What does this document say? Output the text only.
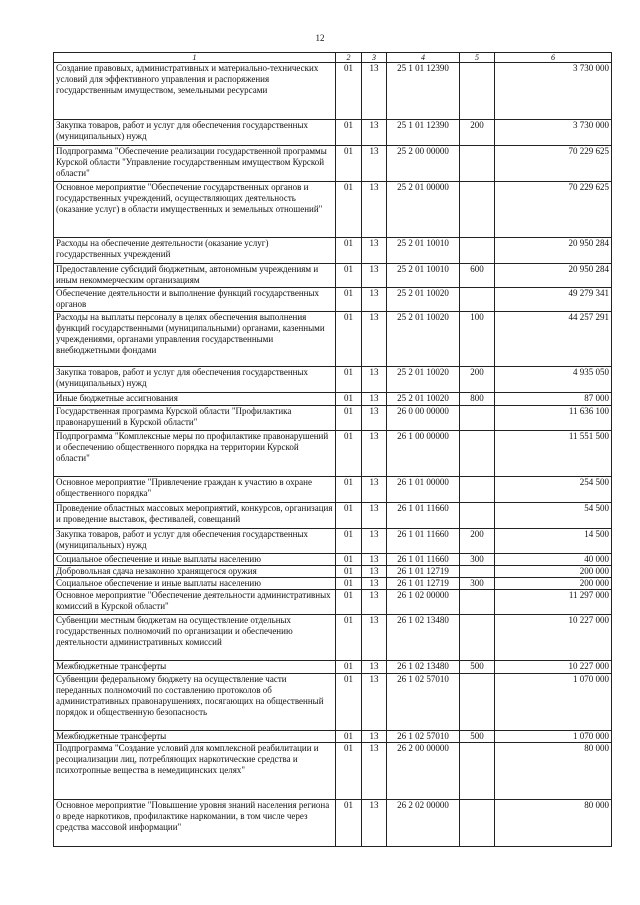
12
1	2	3	4	5	6
Создание правовых, административных и материально-технических условий для эффективного управления и распоряжения государственным имуществом, земельными ресурсами	01	13	25 1 01 12390		3 730 000
Закупка товаров, работ и услуг для обеспечения государственных (муниципальных) нужд	01	13	25 1 01 12390	200	3 730 000
Подпрограмма "Обеспечение реализации государственной программы Курской области "Управление государственным имуществом Курской области"	01	13	25 2 00 00000		70 229 625
Основное мероприятие "Обеспечение государственных органов и государственных учреждений, осуществляющих деятельность (оказание услуг) в области имущественных и земельных отношений"	01	13	25 2 01 00000		70 229 625
Расходы на обеспечение деятельности (оказание услуг) государственных учреждений	01	13	25 2 01 10010		20 950 284
Предоставление субсидий бюджетным, автономным учреждениям и иным некоммерческим организациям	01	13	25 2 01 10010	600	20 950 284
Обеспечение деятельности и выполнение функций государственных органов	01	13	25 2 01 10020		49 279 341
Расходы на выплаты персоналу в целях обеспечения выполнения функций государственными (муниципальными) органами, казенными учреждениями, органами управления государственными внебюджетными фондами	01	13	25 2 01 10020	100	44 257 291
Закупка товаров, работ и услуг для обеспечения государственных (муниципальных) нужд	01	13	25 2 01 10020	200	4 935 050
Иные бюджетные ассигнования	01	13	25 2 01 10020	800	87 000
Государственная программа Курской области "Профилактика правонарушений в Курской области"	01	13	26 0 00 00000		11 636 100
Подпрограмма "Комплексные меры по профилактике правонарушений и обеспечению общественного порядка на территории Курской области"	01	13	26 1 00 00000		11 551 500
Основное мероприятие "Привлечение граждан к участию в охране общественного порядка"	01	13	26 1 01 00000		254 500
Проведение областных массовых мероприятий, конкурсов, организация и проведение выставок, фестивалей, совещаний	01	13	26 1 01 11660		54 500
Закупка товаров, работ и услуг для обеспечения государственных (муниципальных) нужд	01	13	26 1 01 11660	200	14 500
Социальное обеспечение и иные выплаты населению	01	13	26 1 01 11660	300	40 000
Добровольная сдача незаконно хранящегося оружия	01	13	26 1 01 12719		200 000
Социальное обеспечение и иные выплаты населению	01	13	26 1 01 12719	300	200 000
Основное мероприятие "Обеспечение деятельности административных комиссий в Курской области"	01	13	26 1 02 00000		11 297 000
Субвенции местным бюджетам на осуществление отдельных государственных полномочий по организации и обеспечению деятельности административных комиссий	01	13	26 1 02 13480		10 227 000
Межбюджетные трансферты	01	13	26 1 02 13480	500	10 227 000
Субвенции федеральному бюджету на осуществление части переданных полномочий по составлению протоколов об административных правонарушениях, посягающих на общественный порядок и общественную безопасность	01	13	26 1 02 57010		1 070 000
Межбюджетные трансферты	01	13	26 1 02 57010	500	1 070 000
Подпрограмма "Создание условий для комплексной реабилитации и ресоциализации лиц, потребляющих наркотические средства и психотропные вещества в немедицинских целях"	01	13	26 2 00 00000		80 000
Основное мероприятие "Повышение уровня знаний населения региона о вреде наркотиков, профилактике наркомании, в том числе через средства массовой информации"	01	13	26 2 02 00000		80 000
